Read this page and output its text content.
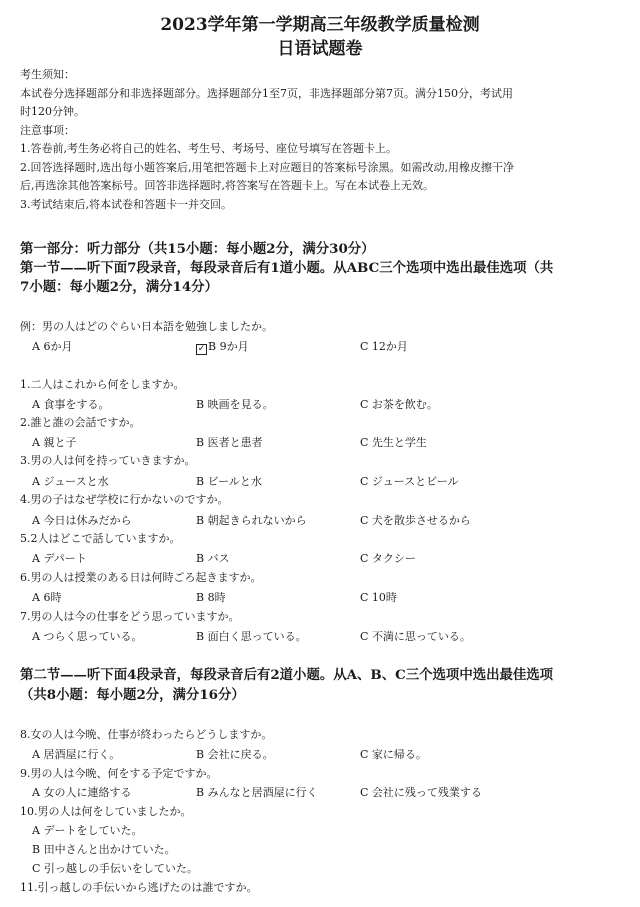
2023学年第一学期高三年级教学质量检测
日语试题卷
考生须知：
本试卷分选择题部分和非选择题部分。选择题部分1至7页，非选择题部分第7页。满分150分，考试用
时120分钟。
注意事项：
1.答卷前,考生务必将自己的姓名、考生号、考场号、座位号填写在答题卡上。
2.回答选择题时,选出每小题答案后,用笔把答题卡上对应题目的答案标号涂黑。如需改动,用橡皮擦干净
后,再选涂其他答案标号。回答非选择题时,将答案写在答题卡上。写在本试卷上无效。
3.考试结束后,将本试卷和答题卡一并交回。
第一部分：听力部分（共15小题：每小题2分，满分30分）
第一节——听下面7段录音，每段录音后有1道小题。从ABC三个选项中选出最佳选项（共
7小题：每小题2分，满分14分）
例：男の人はどのぐらい日本語を勉強しましたか。
A 6か月	✓ B 9か月	C 12か月
1.二人はこれから何をしますか。
A 食事をする。	B 映画を見る。	C お茶を飲む。
2.誰と誰の会話ですか。
A 親と子	B 医者と患者	C 先生と学生
3.男の人は何を持っていきますか。
A ジュースと水	B ビールと水	C ジュースとビール
4.男の子はなぜ学校に行かないのですか。
A 今日は休みだから	B 朝起きられないから	C 犬を散歩させるから
5.2人はどこで話していますか。
A デパート	B バス	C タクシー
6.男の人は授業のある日は何時ごろ起きますか。
A 6時	B 8時	C 10時
7.男の人は今の仕事をどう思っていますか。
A つらく思っている。	B 面白く思っている。	C 不満に思っている。
第二节——听下面4段录音，每段录音后有2道小题。从A、B、C三个选项中选出最佳选项
（共8小题：每小题2分，满分16分）
8.女の人は今晩、仕事が終わったらどうしますか。
A 居酒屋に行く。	B 会社に戻る。	C 家に帰る。
9.男の人は今晩、何をする予定ですか。
A 女の人に連絡する	B みんなと居酒屋に行く	C 会社に残って残業する
10.男の人は何をしていましたか。
A デートをしていた。
B 田中さんと出かけていた。
C 引っ越しの手伝いをしていた。
11.引っ越しの手伝いから逃げたのは誰ですか。
